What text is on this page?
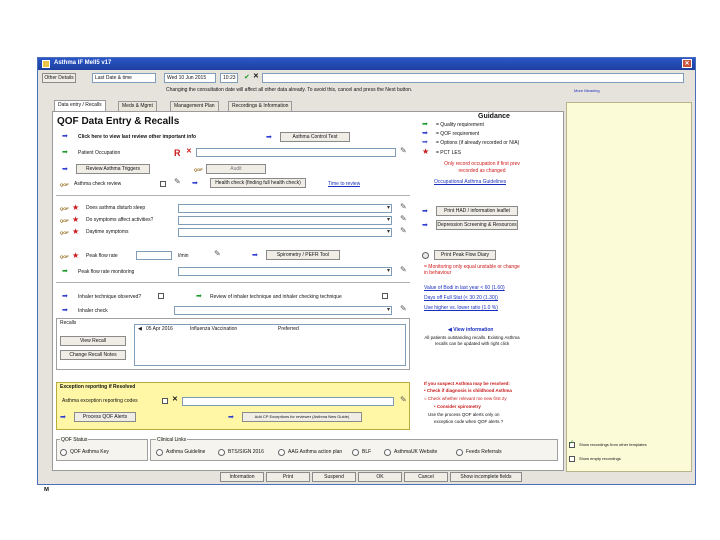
Asthma IF Mell5 v17	✕
Other Details	Last Date & time	Wed 10 Jun 2015	10:23	✔ ✕
Changing the consultation date will affect all other data already. To avoid this, cancel and press the Next button.	More Meaning
Data entry / Recalls	Meds & Mgmt	Management Plan	Recordings & Information
✓ Show recordings from other templates
Show empty recordings
QOF Data Entry & Recalls	Guidance
➡ = Quality requirement
➡ = QOF requirement
➡ = Options (if already recorded or N/A)
★ = PCT LES
Only record occupation if first prev recorded as changed
Occupational Asthma Guidelines
➡ Click here to view last review other important info	➡	Asthma Control Test
➡ Patient Occupation	R ✕	✎
➡	Review Asthma Triggers	QOF	Audit
QOF Asthma check review	✎ ➡	Health check (finding full health check)	Time to review
QOF ★ Does asthma disturb sleep ▾	✎
QOF ★ Do symptoms affect activities? ▾	✎
QOF ★ Daytime symptoms ▾	✎
➡	Print HAD / information leaflet
➡ Depression Screening & Resources
QOF ★ Peak flow rate	l/min	✎	➡	Spirometry / PEFR Tool
➡ Peak flow rate monitoring ▾	✎
Print Peak Flow Diary
= Monitoring only equal unstable or change in behaviour
➡ Inhaler technique observed?	➡ Review of inhaler technique and inhaler checking technique
➡ Inhaler check ▾	✎
Value of Bodi in last year < 60 (1.60)
Days off Full Stat (< 30 20 (1.30))
Use higher vs. lower ratio (1.0 %)
Recalls
◀ 05 Apr 2016	Influenza Vaccination	Preferred
View Recall
Change Recall Notes
◀ View information
All patients outstanding recalls. Existing Asthma recalls can be updated with right click
Exception reporting if Resolved
Asthma exception reporting codes	✕	✎
➡	Process QOF Alerts	➡	Add CP Exceptions for reviewer (Asthma New Guide)
If you suspect Asthma may be resolved:
• Check if diagnosis is childhood Asthma
= Check whether relevant me new first 2y
• Consider spirometry
Use the process QOF alerts only on
exception code when QOF alerts ?
QOF Status
QOF Asthma Key
Clinical Links
Asthma Guideline	BTS/SIGN 2016	AAG Asthma action plan	BLF	AsthmaUK Website	Feeds Referrals
Information	Print	Suspend	OK	Cancel	Show incomplete fields
M
